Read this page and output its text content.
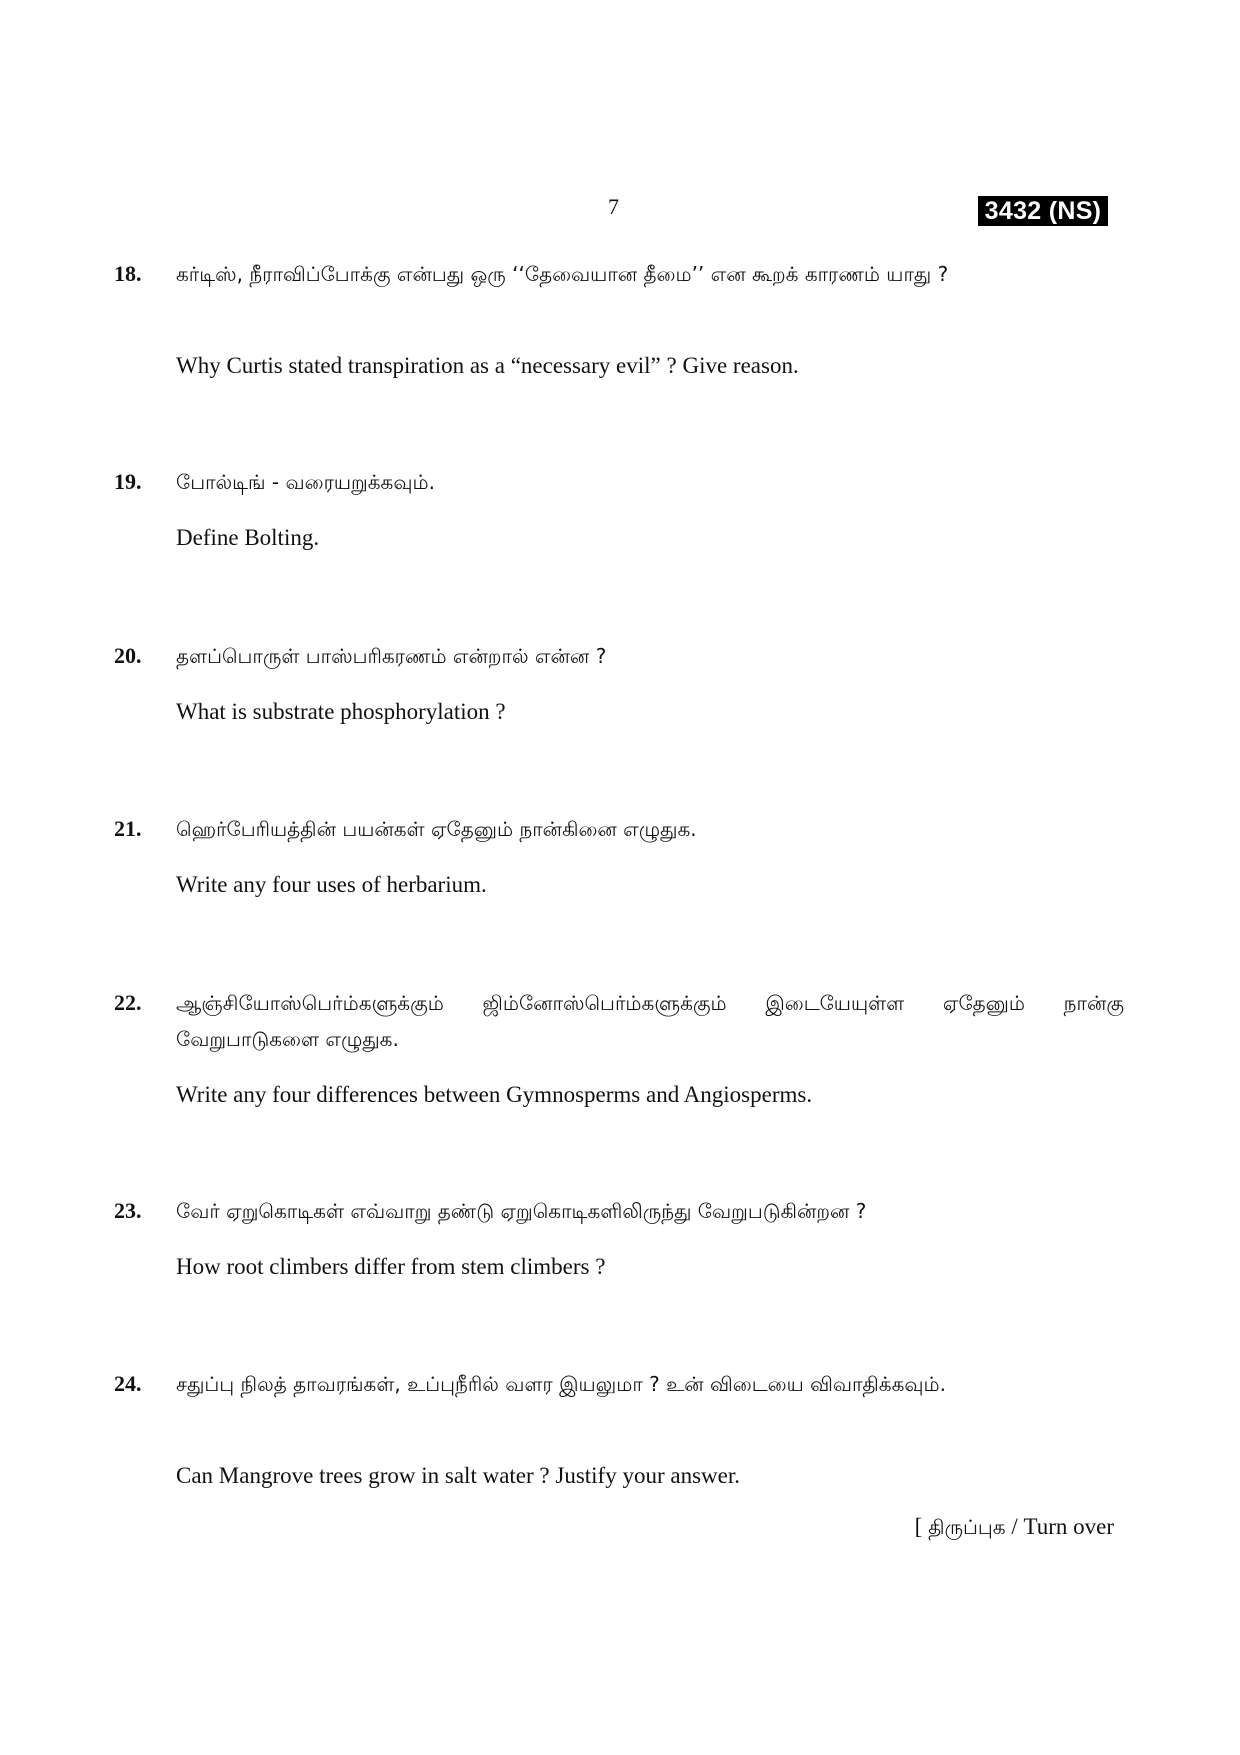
7	3432 (NS)
18. கர்டிஸ், நீராவிப்போக்கு என்பது ஒரு ‘‘தேவையான தீமை’’ என கூறக் காரணம் யாது ?
Why Curtis stated transpiration as a “necessary evil” ? Give reason.
19. போல்டிங் - வரையறுக்கவும்.
Define Bolting.
20. தளப்பொருள் பாஸ்பரிகரணம் என்றால் என்ன ?
What is substrate phosphorylation ?
21. ஹெர்பேரியத்தின் பயன்கள் ஏதேனும் நான்கினை எழுதுக.
Write any four uses of herbarium.
22. ஆஞ்சியோஸ்பெர்ம்களுக்கும் ஜிம்னோஸ்பெர்ம்களுக்கும் இடையேயுள்ள ஏதேனும் நான்கு வேறுபாடுகளை எழுதுக.
Write any four differences between Gymnosperms and Angiosperms.
23. வேர் ஏறுகொடிகள் எவ்வாறு தண்டு ஏறுகொடிகளிலிருந்து வேறுபடுகின்றன ?
How root climbers differ from stem climbers ?
24. சதுப்பு நிலத் தாவரங்கள், உப்புநீரில் வளர இயலுமா ? உன் விடையை விவாதிக்கவும்.
Can Mangrove trees grow in salt water ? Justify your answer.
[ திருப்புக / Turn over
